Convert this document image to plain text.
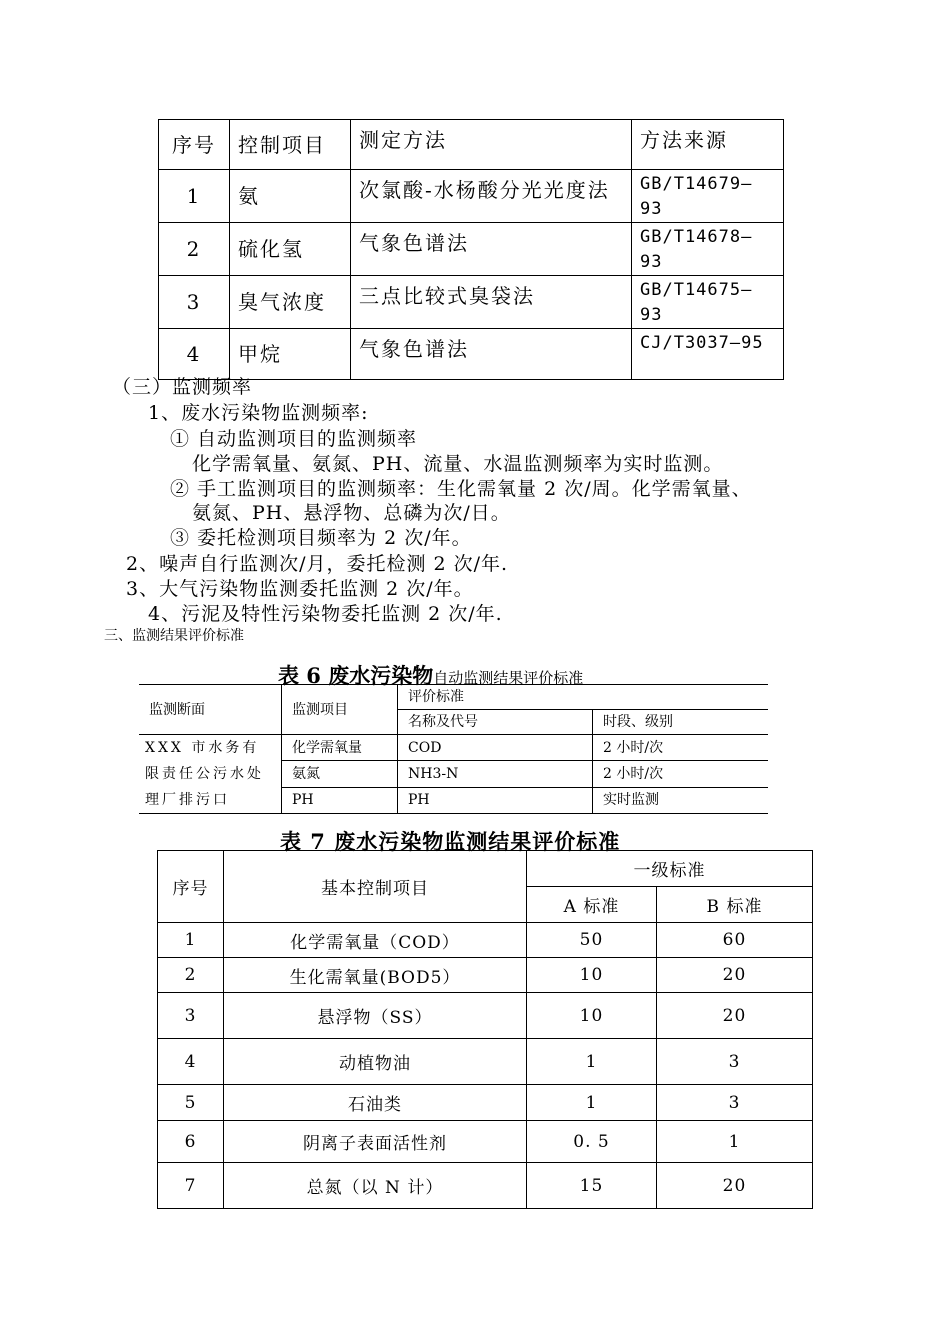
序号	控制项目	测定方法	方法来源
1	氨	次氯酸-水杨酸分光光度法	GB/T14679—
93

2	硫化氢	气象色谱法	GB/T14678—
93

3	臭气浓度	三点比较式臭袋法	GB/T14675—
93

4	甲烷	气象色谱法	CJ/T3037—95
（三）监测频率
1、废水污染物监测频率:
① 自动监测项目的监测频率
化学需氧量、氨氮、PH、流量、水温监测频率为实时监测。
② 手工监测项目的监测频率：生化需氧量 2 次/周。化学需氧量、
氨氮、PH、悬浮物、总磷为次/日。
③ 委托检测项目频率为 2 次/年。
2、噪声自行监测次/月，委托检测 2 次/年.
3、大气污染物监测委托监测 2 次/年。
4、污泥及特性污染物委托监测 2 次/年.
三、监测结果评价标准
表 6 废水污染物自动监测结果评价标准
监测断面	监测项目	评价标准	
		名称及代号	时段、级别
XXX 市水务有限责任公污水处理厂排污口	化学需氧量	COD	2 小时/次
	氨氮	NH3-N	2 小时/次
	PH	PH	实时监测
表 7 废水污染物监测结果评价标准
序号	基本控制项目	一级标准	
		A 标准	B 标准
1	化学需氧量（COD）	50	60
2	生化需氧量(BOD5）	10	20
3	悬浮物（SS）	10	20
4	动植物油	1	3
5	石油类	1	3
6	阴离子表面活性剂	0. 5	1
7	总氮（以 N 计）	15	20
